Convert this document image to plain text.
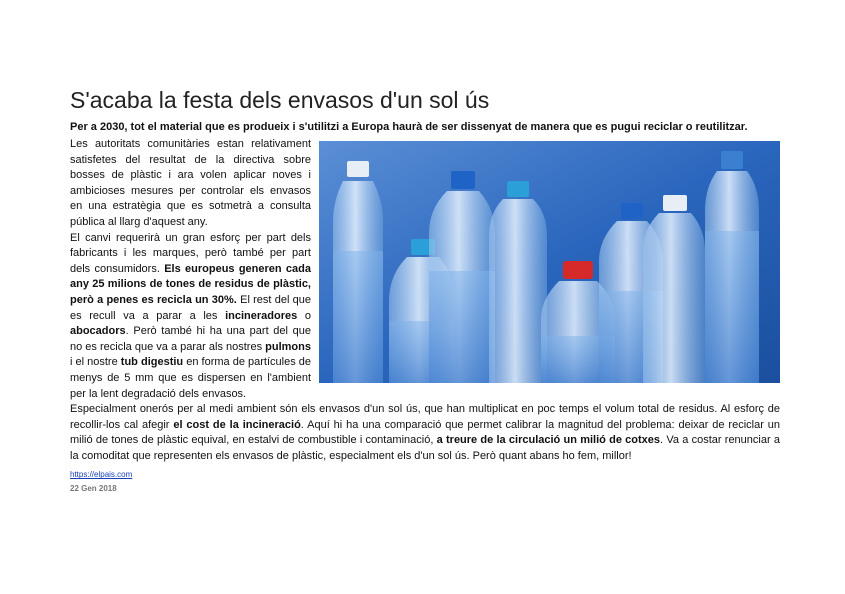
S'acaba la festa dels envasos d'un sol ús
Per a 2030, tot el material que es produeix i s'utilitzi a Europa haurà de ser dissenyat de manera que es pugui reciclar o reutilitzar.

Les autoritats comunitàries estan relativament satisfetes del resultat de la directiva sobre bosses de plàstic i ara volen aplicar noves i ambicioses mesures per controlar els envasos en una estratègia que es sotmetrà a consulta pública al llarg d'aquest any.

El canvi requerirà un gran esforç per part dels fabricants i les marques, però també per part dels consumidors. Els europeus generen cada any 25 milions de tones de residus de plàstic, però a penes es recicla un 30%. El rest del que es recull va a parar a les incineradores o abocadors. Però també hi ha una part del que no es recicla que va a parar als nostres pulmons i el nostre tub digestiu en forma de partícules de menys de 5 mm que es dispersen en l'ambient per la lent degradació dels envasos.

Especialment onerós per al medi ambient són els envasos d'un sol ús, que han multiplicat en poc temps el volum total de residus. Al esforç de recollir-los cal afegir el cost de la incineració. Aquí hi ha una comparació que permet calibrar la magnitud del problema: deixar de reciclar un milió de tones de plàstic equival, en estalvi de combustible i contaminació, a treure de la circulació un milió de cotxes. Va a costar renunciar a la comoditat que representen els envasos de plàstic, especialment els d'un sol ús. Però quant abans ho fem, millor!

https://elpais.com
22 Gen 2018
